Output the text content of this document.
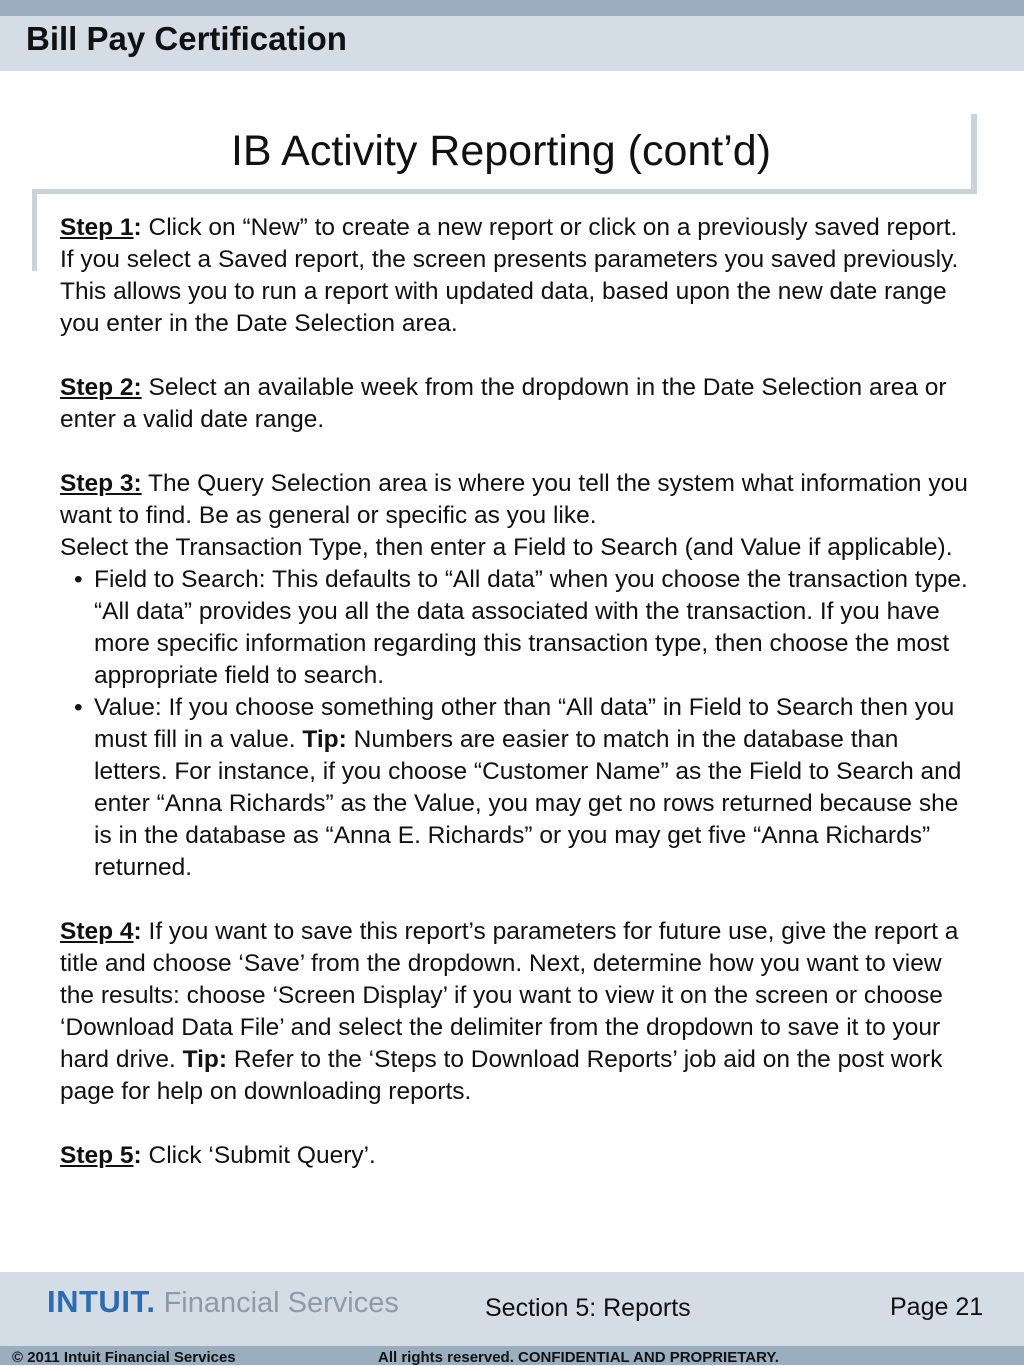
Bill Pay Certification
IB Activity Reporting (cont’d)

Step 1: Click on “New” to create a new report or click on a previously saved report. If you select a Saved report, the screen presents parameters you saved previously. This allows you to run a report with updated data, based upon the new date range you enter in the Date Selection area.

Step 2: Select an available week from the dropdown in the Date Selection area or enter a valid date range.

Step 3: The Query Selection area is where you tell the system what information you want to find. Be as general or specific as you like.

Select the Transaction Type, then enter a Field to Search (and Value if applicable).

• Field to Search: This defaults to “All data” when you choose the transaction type. “All data” provides you all the data associated with the transaction. If you have more specific information regarding this transaction type, then choose the most appropriate field to search.

• Value: If you choose something other than “All data” in Field to Search then you must fill in a value. Tip: Numbers are easier to match in the database than letters. For instance, if you choose “Customer Name” as the Field to Search and enter “Anna Richards” as the Value, you may get no rows returned because she is in the database as “Anna E. Richards” or you may get five “Anna Richards” returned.

Step 4: If you want to save this report’s parameters for future use, give the report a title and choose ‘Save’ from the dropdown. Next, determine how you want to view the results: choose ‘Screen Display’ if you want to view it on the screen or choose ‘Download Data File’ and select the delimiter from the dropdown to save it to your hard drive. Tip: Refer to the ‘Steps to Download Reports’ job aid on the post work page for help on downloading reports.

Step 5: Click ‘Submit Query’.

INTUIT. Financial Services	Section 5: Reports	Page 21
© 2011 Intuit Financial Services	All rights reserved. CONFIDENTIAL AND PROPRIETARY.
